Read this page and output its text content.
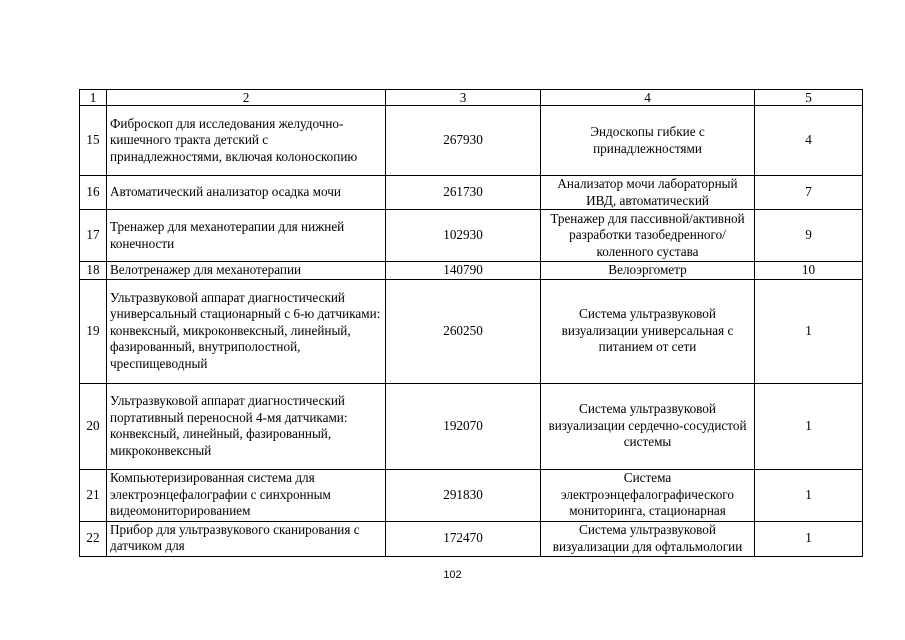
1	2	3	4	5
15	Фиброскоп для исследования желудочно-кишечного тракта детский с принадлежностями, включая колоноскопию	267930	Эндоскопы гибкие с принадлежностями	4
16	Автоматический анализатор осадка мочи	261730	Анализатор мочи лабораторный ИВД, автоматический	7
17	Тренажер для механотерапии для нижней конечности	102930	Тренажер для пассивной/активной разработки тазобедренного/коленного сустава	9
18	Велотренажер для механотерапии	140790	Велоэргометр	10
19	Ультразвуковой аппарат диагностический универсальный стационарный с 6-ю датчиками: конвексный, микроконвексный, линейный, фазированный, внутриполостной, чреспищеводный	260250	Система ультразвуковой визуализации универсальная с питанием от сети	1
20	Ультразвуковой аппарат диагностический портативный переносной 4-мя датчиками: конвексный, линейный, фазированный, микроконвексный	192070	Система ультразвуковой визуализации сердечно-сосудистой системы	1
21	Компьютеризированная система для электроэнцефалографии с синхронным видеомониторированием	291830	Система электроэнцефалографического мониторинга, стационарная	1
22	Прибор для ультразвукового сканирования с датчиком для	172470	Система ультразвуковой визуализации для офтальмологии	1
102
